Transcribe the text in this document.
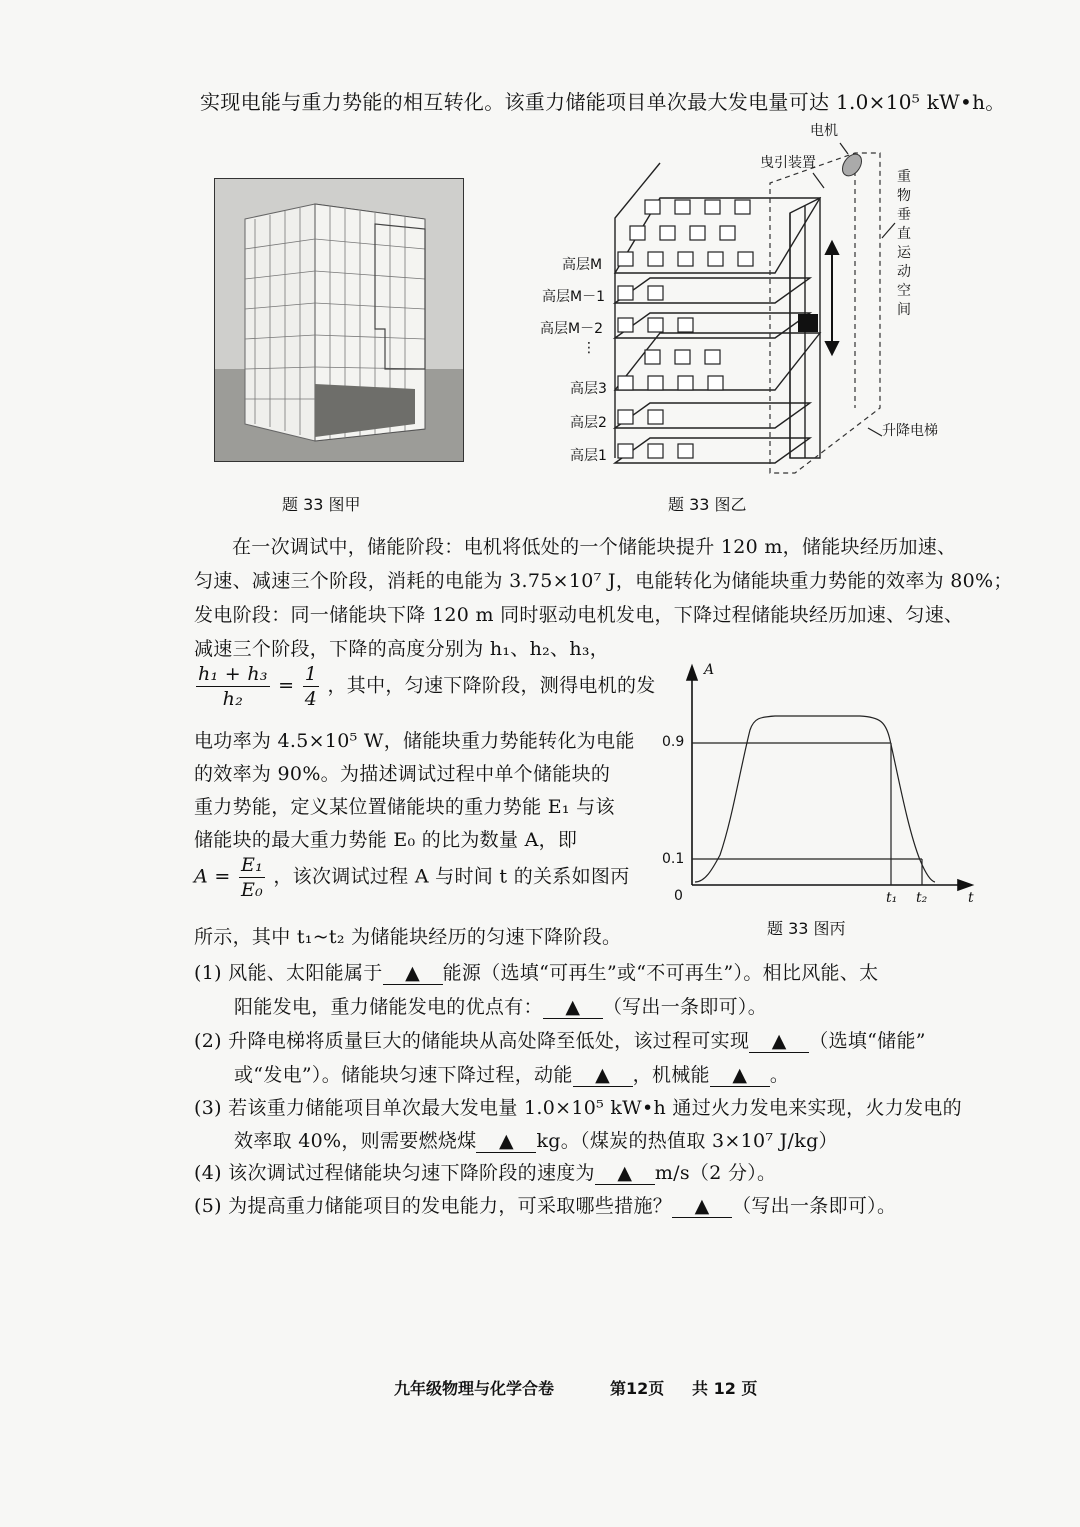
实现电能与重力势能的相互转化。该重力储能项目单次最大发电量可达 1.0×10⁵ kW•h。
题 33 图甲
电机
曳引装置
重物垂直运动空间
升降电梯
高层M
高层M－1
高层M－2
⋮
高层3
高层2
高层1
题 33 图乙
在一次调试中，储能阶段：电机将低处的一个储能块提升 120 m，储能块经历加速、
匀速、减速三个阶段，消耗的电能为 3.75×10⁷ J，电能转化为储能块重力势能的效率为 80%；
发电阶段：同一储能块下降 120 m 同时驱动电机发电，下降过程储能块经历加速、匀速、
减速三个阶段，下降的高度分别为 h₁、h₂、h₃，
$\frac{\text{h₁ + h₃}}{\text{h₂}} = \frac{1}{4}$ ，其中，匀速下降阶段，测得电机的发
电功率为 4.5×10⁵ W，储能块重力势能转化为电能
的效率为 90%。为描述调试过程中单个储能块的
重力势能，定义某位置储能块的重力势能 E₁ 与该
储能块的最大重力势能 E₀ 的比为数量 A，即
$A = \frac{\text{E₁}}{\text{E₀}}$ ，该次调试过程 A 与时间 t 的关系如图丙
所示，其中 t₁~t₂ 为储能块经历的匀速下降阶段。
A
t
0
0.9
0.1
t₁ t₂
题 33 图丙
(1) 风能、太阳能属于 ▲ 能源（选填“可再生”或“不可再生”）。相比风能、太
阳能发电，重力储能发电的优点有： ▲ （写出一条即可）。
(2) 升降电梯将质量巨大的储能块从高处降至低处，该过程可实现 ▲ （选填“储能”
或“发电”）。储能块匀速下降过程，动能 ▲ ，机械能 ▲ 。
(3) 若该重力储能项目单次最大发电量 1.0×10⁵ kW•h 通过火力发电来实现，火力发电的
效率取 40%，则需要燃烧煤 ▲ kg。（煤炭的热值取 3×10⁷ J/kg）
(4) 该次调试过程储能块匀速下降阶段的速度为 ▲ m/s（2 分）。
(5) 为提高重力储能项目的发电能力，可采取哪些措施？ ▲ （写出一条即可）。
九年级物理与化学合卷	第12页 共 12 页
